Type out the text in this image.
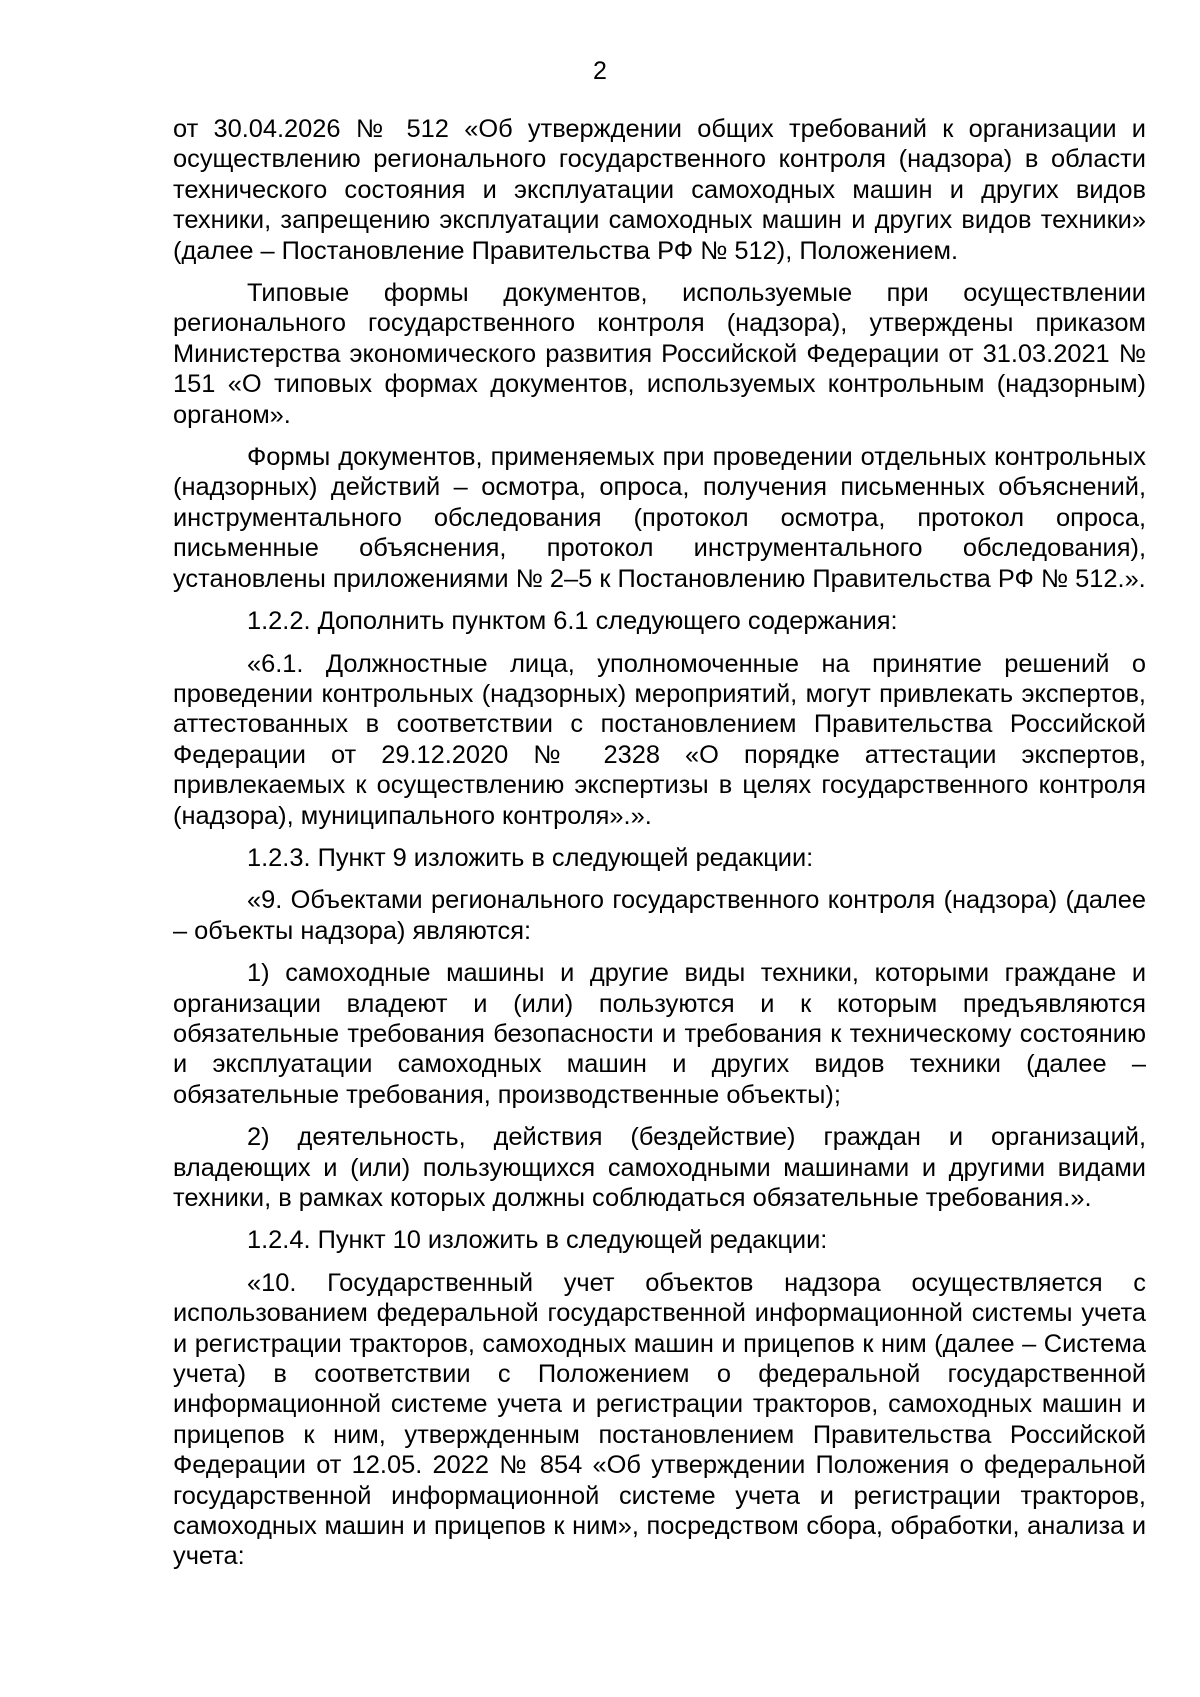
2

от 30.04.2026 № 512 «Об утверждении общих требований к организации и осуществлению регионального государственного контроля (надзора) в области технического состояния и эксплуатации самоходных машин и других видов техники, запрещению эксплуатации самоходных машин и других видов техники» (далее – Постановление Правительства РФ № 512), Положением.

Типовые формы документов, используемые при осуществлении регионального государственного контроля (надзора), утверждены приказом Министерства экономического развития Российской Федерации от 31.03.2021 № 151 «О типовых формах документов, используемых контрольным (надзорным) органом».

Формы документов, применяемых при проведении отдельных контрольных (надзорных) действий – осмотра, опроса, получения письменных объяснений, инструментального обследования (протокол осмотра, протокол опроса, письменные объяснения, протокол инструментального обследования), установлены приложениями № 2–5 к Постановлению Правительства РФ № 512.».

1.2.2. Дополнить пунктом 6.1 следующего содержания:

«6.1. Должностные лица, уполномоченные на принятие решений о проведении контрольных (надзорных) мероприятий, могут привлекать экспертов, аттестованных в соответствии с постановлением Правительства Российской Федерации от 29.12.2020 № 2328 «О порядке аттестации экспертов, привлекаемых к осуществлению экспертизы в целях государственного контроля (надзора), муниципального контроля».».

1.2.3. Пункт 9 изложить в следующей редакции:

«9. Объектами регионального государственного контроля (надзора) (далее – объекты надзора) являются:

1) самоходные машины и другие виды техники, которыми граждане и организации владеют и (или) пользуются и к которым предъявляются обязательные требования безопасности и требования к техническому состоянию и эксплуатации самоходных машин и других видов техники (далее – обязательные требования, производственные объекты);

2) деятельность, действия (бездействие) граждан и организаций, владеющих и (или) пользующихся самоходными машинами и другими видами техники, в рамках которых должны соблюдаться обязательные требования.».

1.2.4. Пункт 10 изложить в следующей редакции:

«10. Государственный учет объектов надзора осуществляется с использованием федеральной государственной информационной системы учета и регистрации тракторов, самоходных машин и прицепов к ним (далее – Система учета) в соответствии с Положением о федеральной государственной информационной системе учета и регистрации тракторов, самоходных машин и прицепов к ним, утвержденным постановлением Правительства Российской Федерации от 12.05. 2022 № 854 «Об утверждении Положения о федеральной государственной информационной системе учета и регистрации тракторов, самоходных машин и прицепов к ним», посредством сбора, обработки, анализа и учета:
